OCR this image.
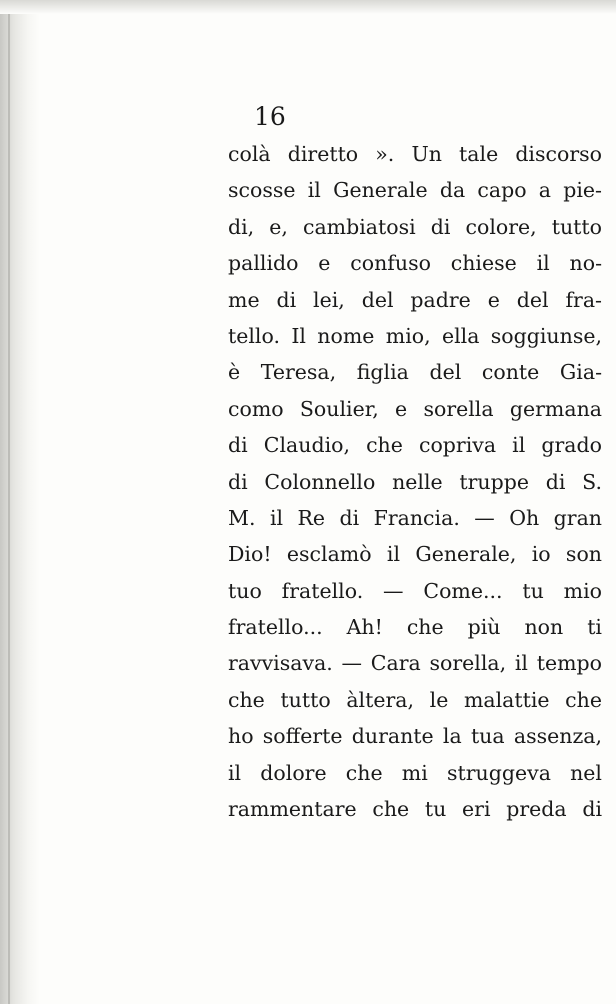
16

colà diretto ». Un tale discorso
scosse il Generale da capo a pie-
di, e, cambiatosi di colore, tutto
pallido e confuso chiese il no-
me di lei, del padre e del fra-
tello. Il nome mio, ella soggiunse,
è Teresa, figlia del conte Gia-
como Soulier, e sorella germana
di Claudio, che copriva il grado
di Colonnello nelle truppe di S.
M. il Re di Francia. — Oh gran
Dio! esclamò il Generale, io son
tuo fratello. — Come... tu mio
fratello... Ah! che più non ti
ravvisava. — Cara sorella, il tempo
che tutto àltera, le malattie che
ho sofferte durante la tua assenza,
il dolore che mi struggeva nel
rammentare che tu eri preda di
